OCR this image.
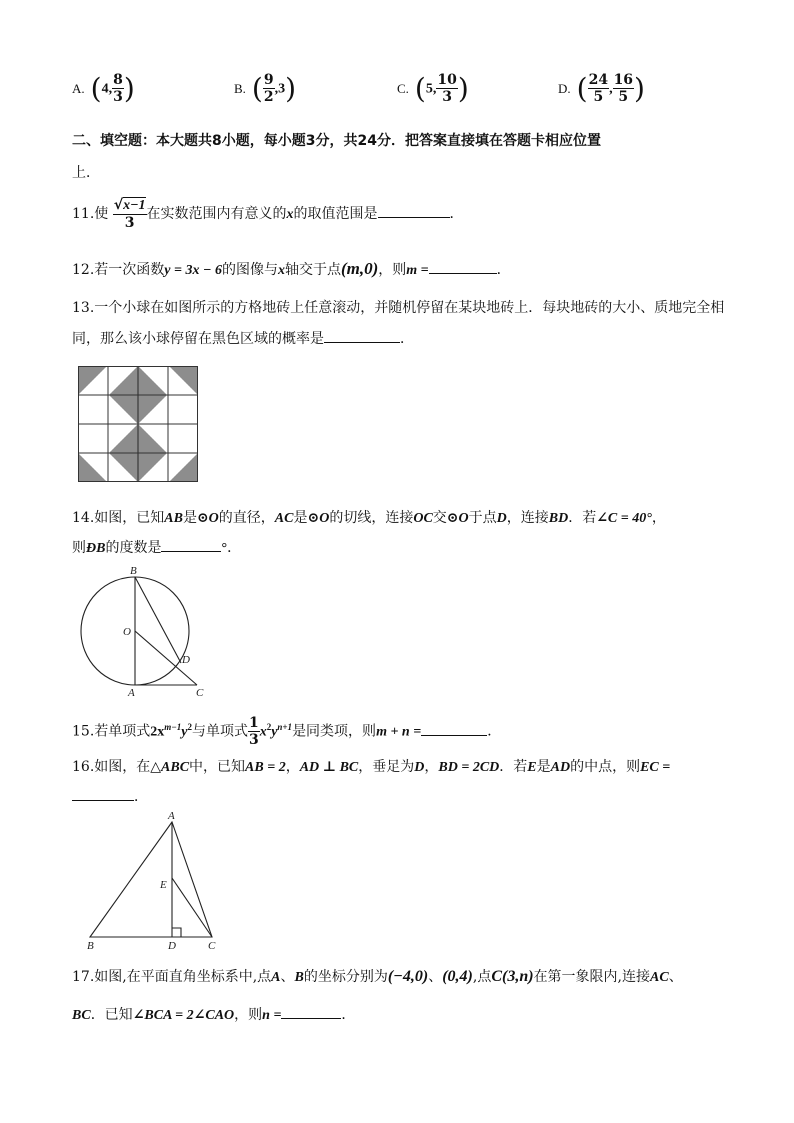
A. (4, $\frac{8}{3}$ )	B. ( $\frac{9}{2} ,3$)	C. (5, $\frac{10}{3}$ )	D. ( $\frac{24}{5}$ , $\frac{16}{5}$ )
二、填空题：本大题共8小题，每小题3分，共24分．把答案直接填在答题卡相应位置
上．
11.使 $\frac{√x-1}{3}$ 在实数范围内有意义的x的取值范围是	．
12.若一次函数y = 3x − 6的图像与x轴交于点(m,0)，则m =	．
13.一个小球在如图所示的方格地砖上任意滚动，并随机停留在某块地砖上．每块地砖的大小、质地完全相
同，那么该小球停留在黑色区域的概率是	．
14.如图，已知AB是⊙O的直径，AC是⊙O的切线，连接OC交⊙O于点D，连接BD．若∠C = 40°，
则ÐB的度数是	°．
B
O
D
A	C
15.若单项式$2x^{m-1}y^2$与单项式 $\frac{1}{3} x^2y^{n+1}$是同类项，则m + n =	．
16.如图，在△ABC中，已知AB = 2，AD ⊥ BC，垂足为D，BD = 2CD．若E是AD的中点，则EC =
．
A
E
B	D	C
17.如图,在平面直角坐标系中,点A、B的坐标分别为(−4,0)、(0,4),点C(3,n)在第一象限内,连接AC、
BC．已知∠BCA = 2∠CAO，则n =	．
